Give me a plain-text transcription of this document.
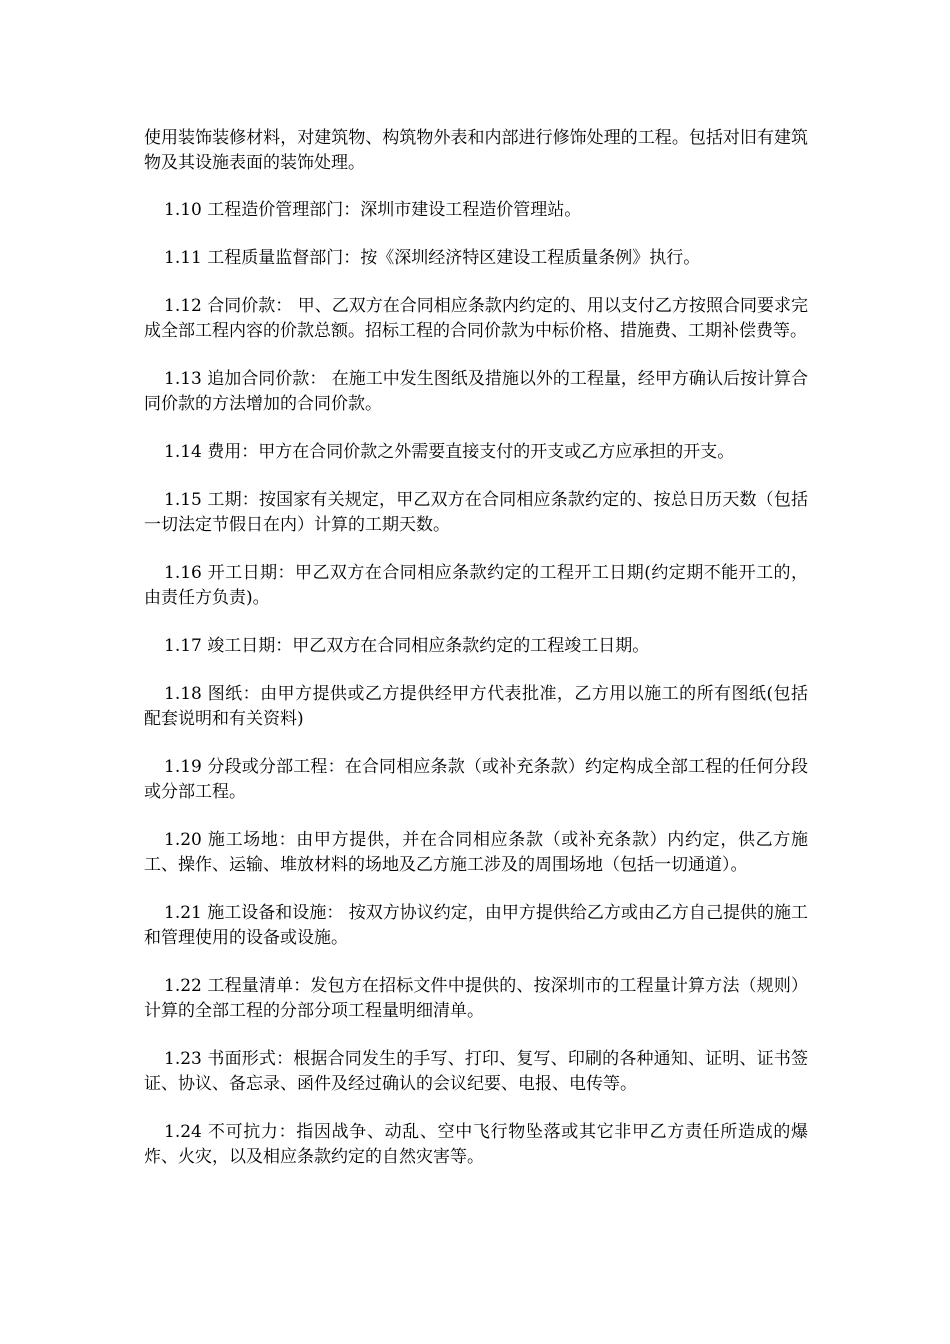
使用装饰装修材料，对建筑物、构筑物外表和内部进行修饰处理的工程。包括对旧有建筑物及其设施表面的装饰处理。

1.10 工程造价管理部门：深圳市建设工程造价管理站。

1.11 工程质量监督部门：按《深圳经济特区建设工程质量条例》执行。

1.12 合同价款： 甲、乙双方在合同相应条款内约定的、用以支付乙方按照合同要求完成全部工程内容的价款总额。招标工程的合同价款为中标价格、措施费、工期补偿费等。

1.13 追加合同价款： 在施工中发生图纸及措施以外的工程量，经甲方确认后按计算合同价款的方法增加的合同价款。

1.14 费用：甲方在合同价款之外需要直接支付的开支或乙方应承担的开支。

1.15 工期：按国家有关规定，甲乙双方在合同相应条款约定的、按总日历天数（包括一切法定节假日在内）计算的工期天数。

1.16 开工日期：甲乙双方在合同相应条款约定的工程开工日期(约定期不能开工的，由责任方负责)。

1.17 竣工日期：甲乙双方在合同相应条款约定的工程竣工日期。

1.18 图纸：由甲方提供或乙方提供经甲方代表批准，乙方用以施工的所有图纸(包括配套说明和有关资料)

1.19 分段或分部工程：在合同相应条款（或补充条款）约定构成全部工程的任何分段或分部工程。

1.20 施工场地：由甲方提供，并在合同相应条款（或补充条款）内约定，供乙方施工、操作、运输、堆放材料的场地及乙方施工涉及的周围场地（包括一切通道）。

1.21 施工设备和设施： 按双方协议约定，由甲方提供给乙方或由乙方自己提供的施工和管理使用的设备或设施。

1.22 工程量清单：发包方在招标文件中提供的、按深圳市的工程量计算方法（规则）计算的全部工程的分部分项工程量明细清单。

1.23 书面形式：根据合同发生的手写、打印、复写、印刷的各种通知、证明、证书签证、协议、备忘录、函件及经过确认的会议纪要、电报、电传等。

1.24 不可抗力：指因战争、动乱、空中飞行物坠落或其它非甲乙方责任所造成的爆炸、火灾，以及相应条款约定的自然灾害等。
